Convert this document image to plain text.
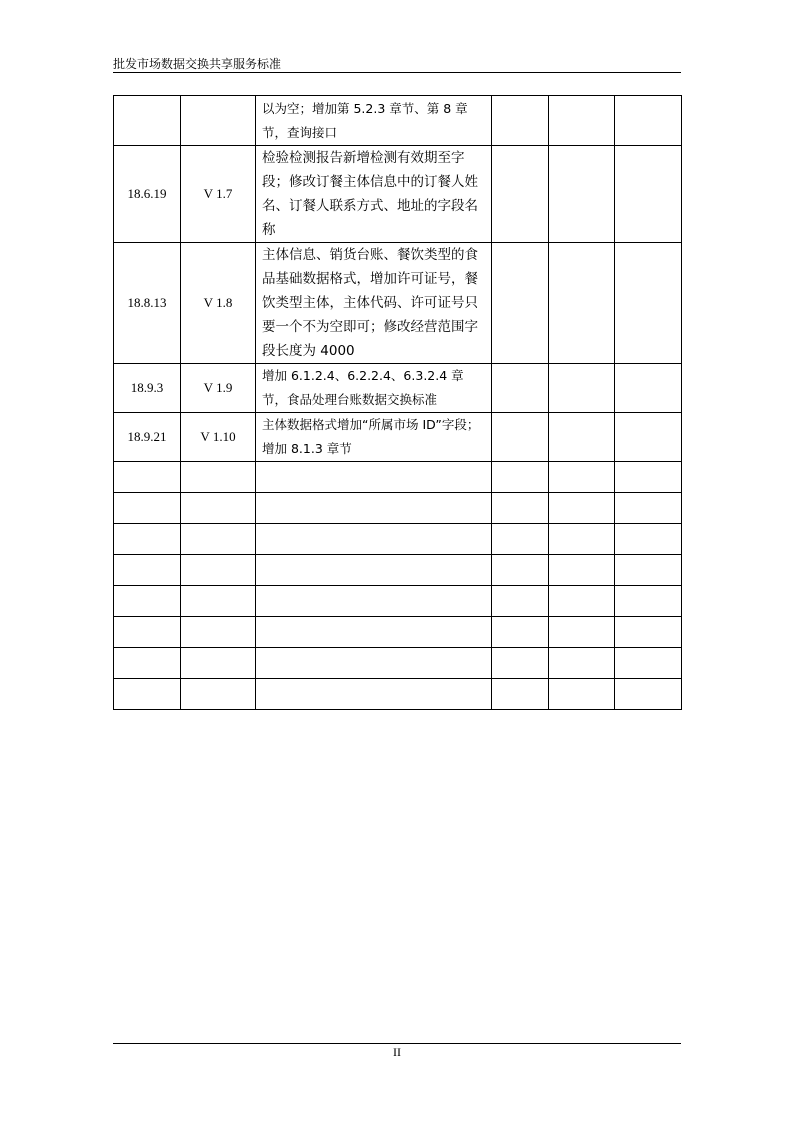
批发市场数据交换共享服务标准
		以为空；增加第 5.2.3 章节、第 8 章节，查询接口			
18.6.19	V 1.7	检验检测报告新增检测有效期至字段；修改订餐主体信息中的订餐人姓名、订餐人联系方式、地址的字段名称			
18.8.13	V 1.8	主体信息、销货台账、餐饮类型的食品基础数据格式，增加许可证号，餐饮类型主体，主体代码、许可证号只要一个不为空即可；修改经营范围字段长度为 4000			
18.9.3	V 1.9	增加 6.1.2.4、6.2.2.4、6.3.2.4 章节，食品处理台账数据交换标准			
18.9.21	V 1.10	主体数据格式增加“所属市场 ID”字段；增加 8.1.3 章节			

II
